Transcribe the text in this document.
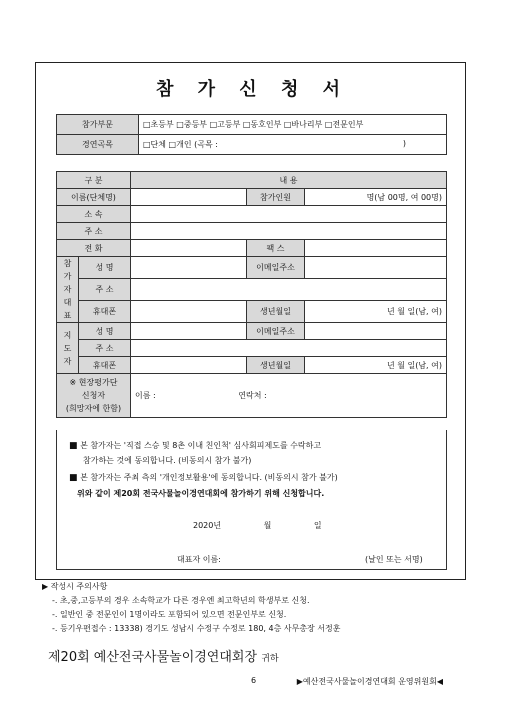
참 가 신 청 서
참가부문	□초등부 □중등부 □고등부 □동호인부 □바나리부 □전문인부
경연곡목	□단체 □개인 (곡목 : )
구 분		내 용		
이름(단체명)			참가인원	명(남 00명, 여 00명)
소 속				
주 소				
전 화			팩 스	
참
가
자
대
표	성 명		이메일주소	
	주 소			
	휴대폰		생년월일	년 월 일(남, 여)
지
도
자	성 명		이메일주소	
	주 소			
	휴대폰		생년월일	년 월 일(남, 여)
※ 현장평가단
신청자
(희망자에 한함)		이름 : 연락처 :		
■ 본 참가자는 '직접 스승 및 8촌 이내 친인척' 심사회피제도를 수락하고
참가하는 것에 동의합니다. (비동의시 참가 불가)
■ 본 참가자는 주최 측의 '개인정보활용'에 동의합니다. (비동의시 참가 불가)
위와 같이 제20회 전국사물놀이경연대회에 참가하기 위해 신청합니다.
2020년	월	일
대표자 이름:	(날인 또는 서명)
▶ 작성시 주의사항
-. 초,중,고등부의 경우 소속학교가 다른 경우엔 최고학년의 학생부로 신청.
-. 일반인 중 전문인이 1명이라도 포함되어 있으면 전문인부로 신청.
-. 등기우편접수 : 13338) 경기도 성남시 수정구 수정로 180, 4층 사무총장 서정훈
제20회 예산전국사물놀이경연대회장 귀하
6	▶예산전국사물놀이경연대회 운영위원회◀
